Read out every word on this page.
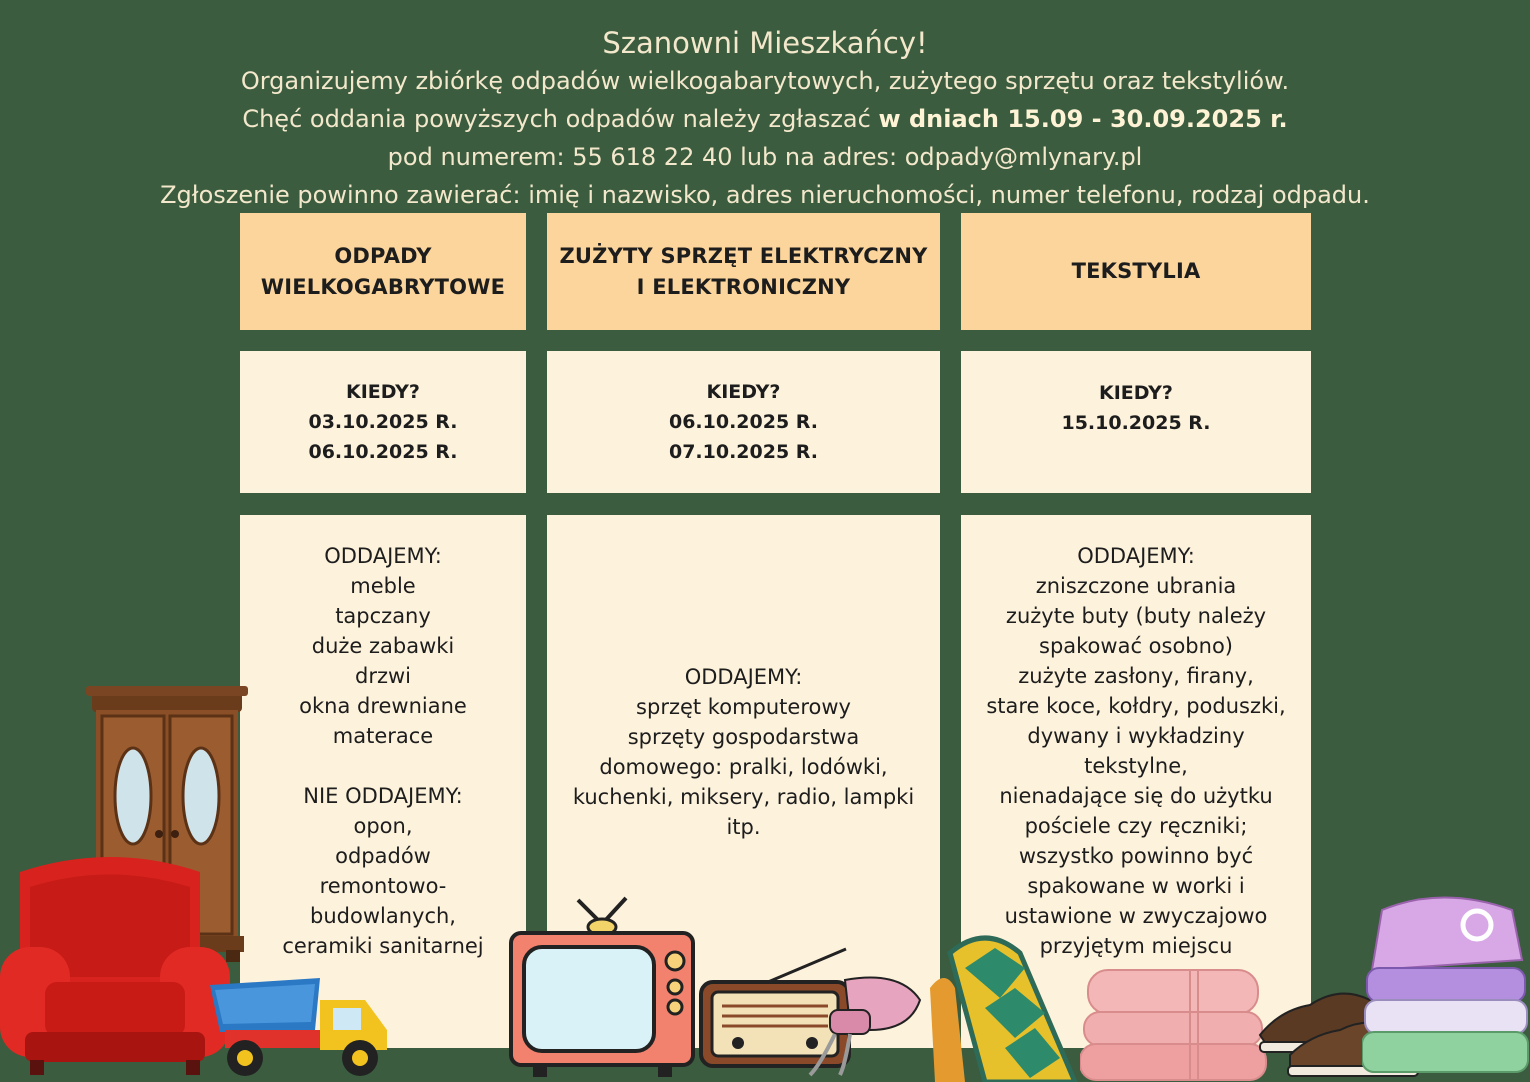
Szanowni Mieszkańcy!
Organizujemy zbiórkę odpadów wielkogabarytowych, zużytego sprzętu oraz tekstyliów.
Chęć oddania powyższych odpadów należy zgłaszać w dniach 15.09 - 30.09.2025 r.
pod numerem: 55 618 22 40 lub na adres: odpady@mlynary.pl
Zgłoszenie powinno zawierać: imię i nazwisko, adres nieruchomości, numer telefonu, rodzaj odpadu.
ODPADY
WIELKOGABRYTOWE
KIEDY?
03.10.2025 R.
06.10.2025 R.
ODDAJEMY:
meble
tapczany
duże zabawki
drzwi
okna drewniane
materace
NIE ODDAJEMY:
opon,
odpadów
remontowo-
budowlanych,
ceramiki sanitarnej
ZUŻYTY SPRZĘT ELEKTRYCZNY
I ELEKTRONICZNY
KIEDY?
06.10.2025 R.
07.10.2025 R.
ODDAJEMY:
sprzęt komputerowy
sprzęty gospodarstwa
domowego: pralki, lodówki,
kuchenki, miksery, radio, lampki
itp.
TEKSTYLIA
KIEDY?
15.10.2025 R.
ODDAJEMY:
zniszczone ubrania
zużyte buty (buty należy
spakować osobno)
zużyte zasłony, firany,
stare koce, kołdry, poduszki,
dywany i wykładziny
tekstylne,
nienadające się do użytku
pościele czy ręczniki;
wszystko powinno być
spakowane w worki i
ustawione w zwyczajowo
przyjętym miejscu
